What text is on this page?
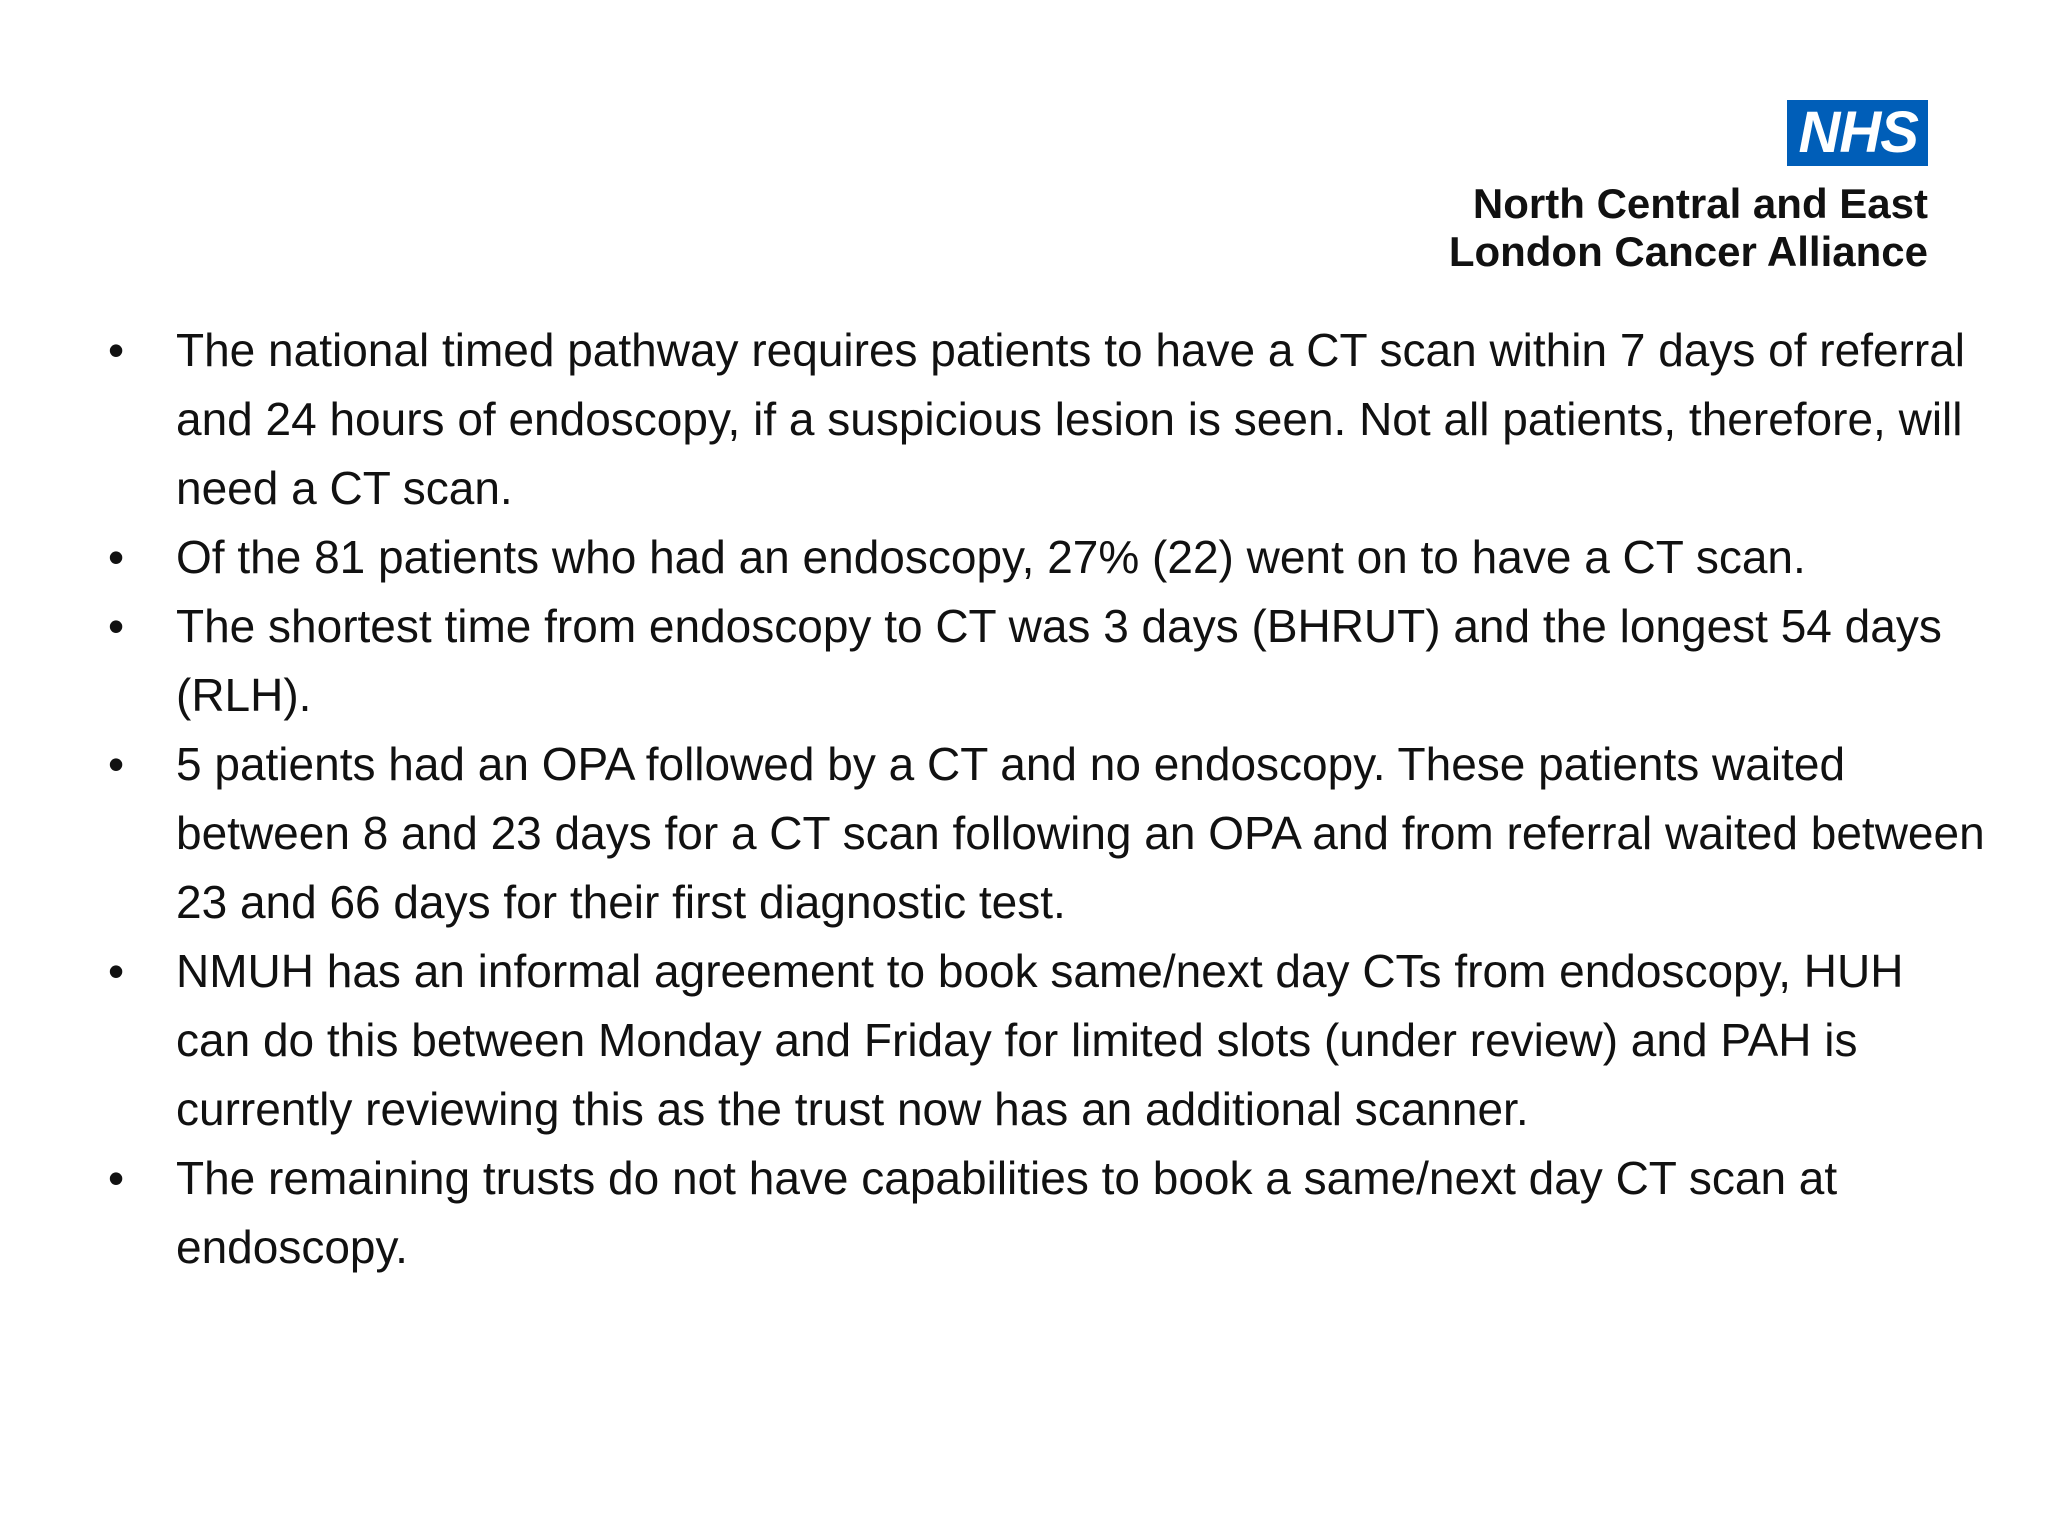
NHS
North Central and East
London Cancer Alliance
•	The national timed pathway requires patients to have a CT scan within 7 days of referral and 24 hours of endoscopy, if a suspicious lesion is seen. Not all patients, therefore, will need a CT scan.
•	Of the 81 patients who had an endoscopy, 27% (22) went on to have a CT scan.
•	The shortest time from endoscopy to CT was 3 days (BHRUT) and the longest 54 days (RLH).
•	5 patients had an OPA followed by a CT and no endoscopy. These patients waited between 8 and 23 days for a CT scan following an OPA and from referral waited between 23 and 66 days for their first diagnostic test.
•	NMUH has an informal agreement to book same/next day CTs from endoscopy, HUH can do this between Monday and Friday for limited slots (under review) and PAH is currently reviewing this as the trust now has an additional scanner.
•	The remaining trusts do not have capabilities to book a same/next day CT scan at endoscopy.
